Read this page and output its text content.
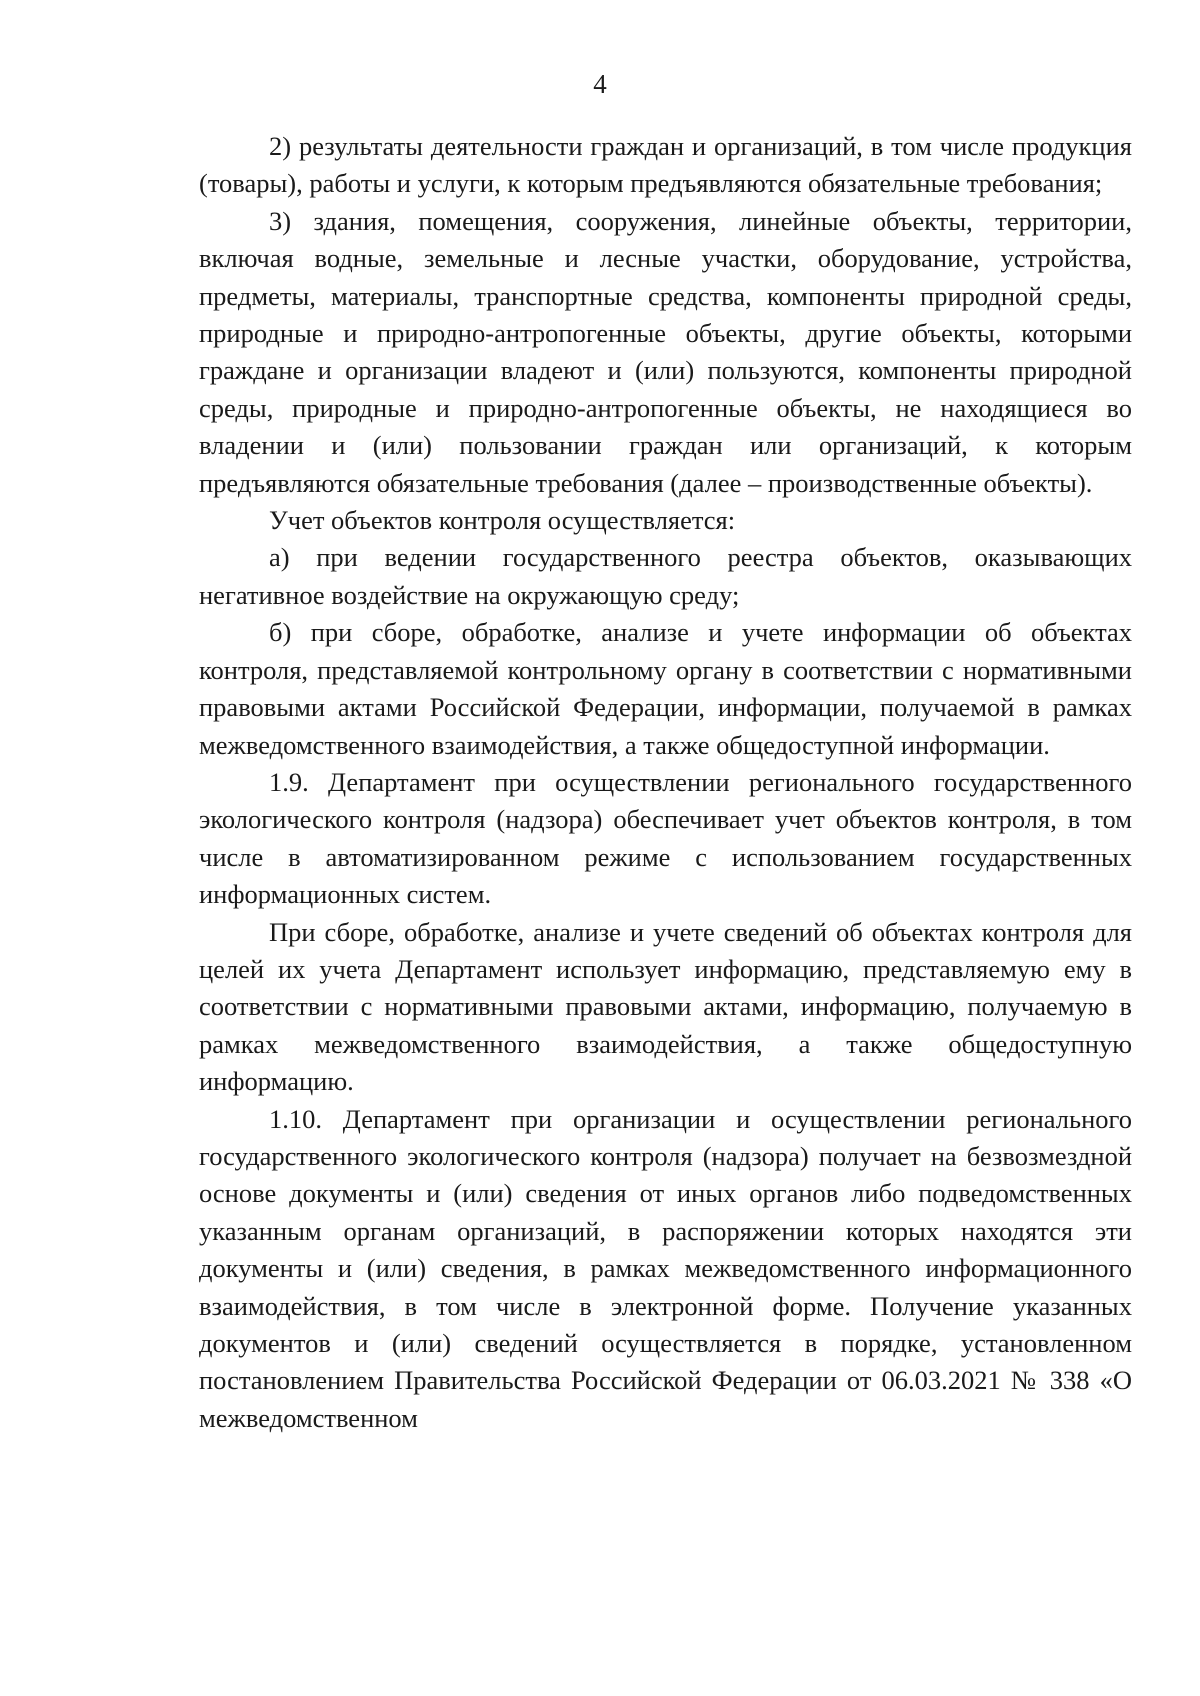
4

2) результаты деятельности граждан и организаций, в том числе продукция (товары), работы и услуги, к которым предъявляются обязательные требования;

3) здания, помещения, сооружения, линейные объекты, территории, включая водные, земельные и лесные участки, оборудование, устройства, предметы, материалы, транспортные средства, компоненты природной среды, природные и природно-антропогенные объекты, другие объекты, которыми граждане и организации владеют и (или) пользуются, компоненты природной среды, природные и природно-антропогенные объекты, не находящиеся во владении и (или) пользовании граждан или организаций, к которым предъявляются обязательные требования (далее – производственные объекты).

Учет объектов контроля осуществляется:

а) при ведении государственного реестра объектов, оказывающих негативное воздействие на окружающую среду;

б) при сборе, обработке, анализе и учете информации об объектах контроля, представляемой контрольному органу в соответствии с нормативными правовыми актами Российской Федерации, информации, получаемой в рамках межведомственного взаимодействия, а также общедоступной информации.

1.9. Департамент при осуществлении регионального государственного экологического контроля (надзора) обеспечивает учет объектов контроля, в том числе в автоматизированном режиме с использованием государственных информационных систем.

При сборе, обработке, анализе и учете сведений об объектах контроля для целей их учета Департамент использует информацию, представляемую ему в соответствии с нормативными правовыми актами, информацию, получаемую в рамках межведомственного взаимодействия, а также общедоступную информацию.

1.10. Департамент при организации и осуществлении регионального государственного экологического контроля (надзора) получает на безвозмездной основе документы и (или) сведения от иных органов либо подведомственных указанным органам организаций, в распоряжении которых находятся эти документы и (или) сведения, в рамках межведомственного информационного взаимодействия, в том числе в электронной форме. Получение указанных документов и (или) сведений осуществляется в порядке, установленном постановлением Правительства Российской Федерации от 06.03.2021 № 338 «О межведомственном
